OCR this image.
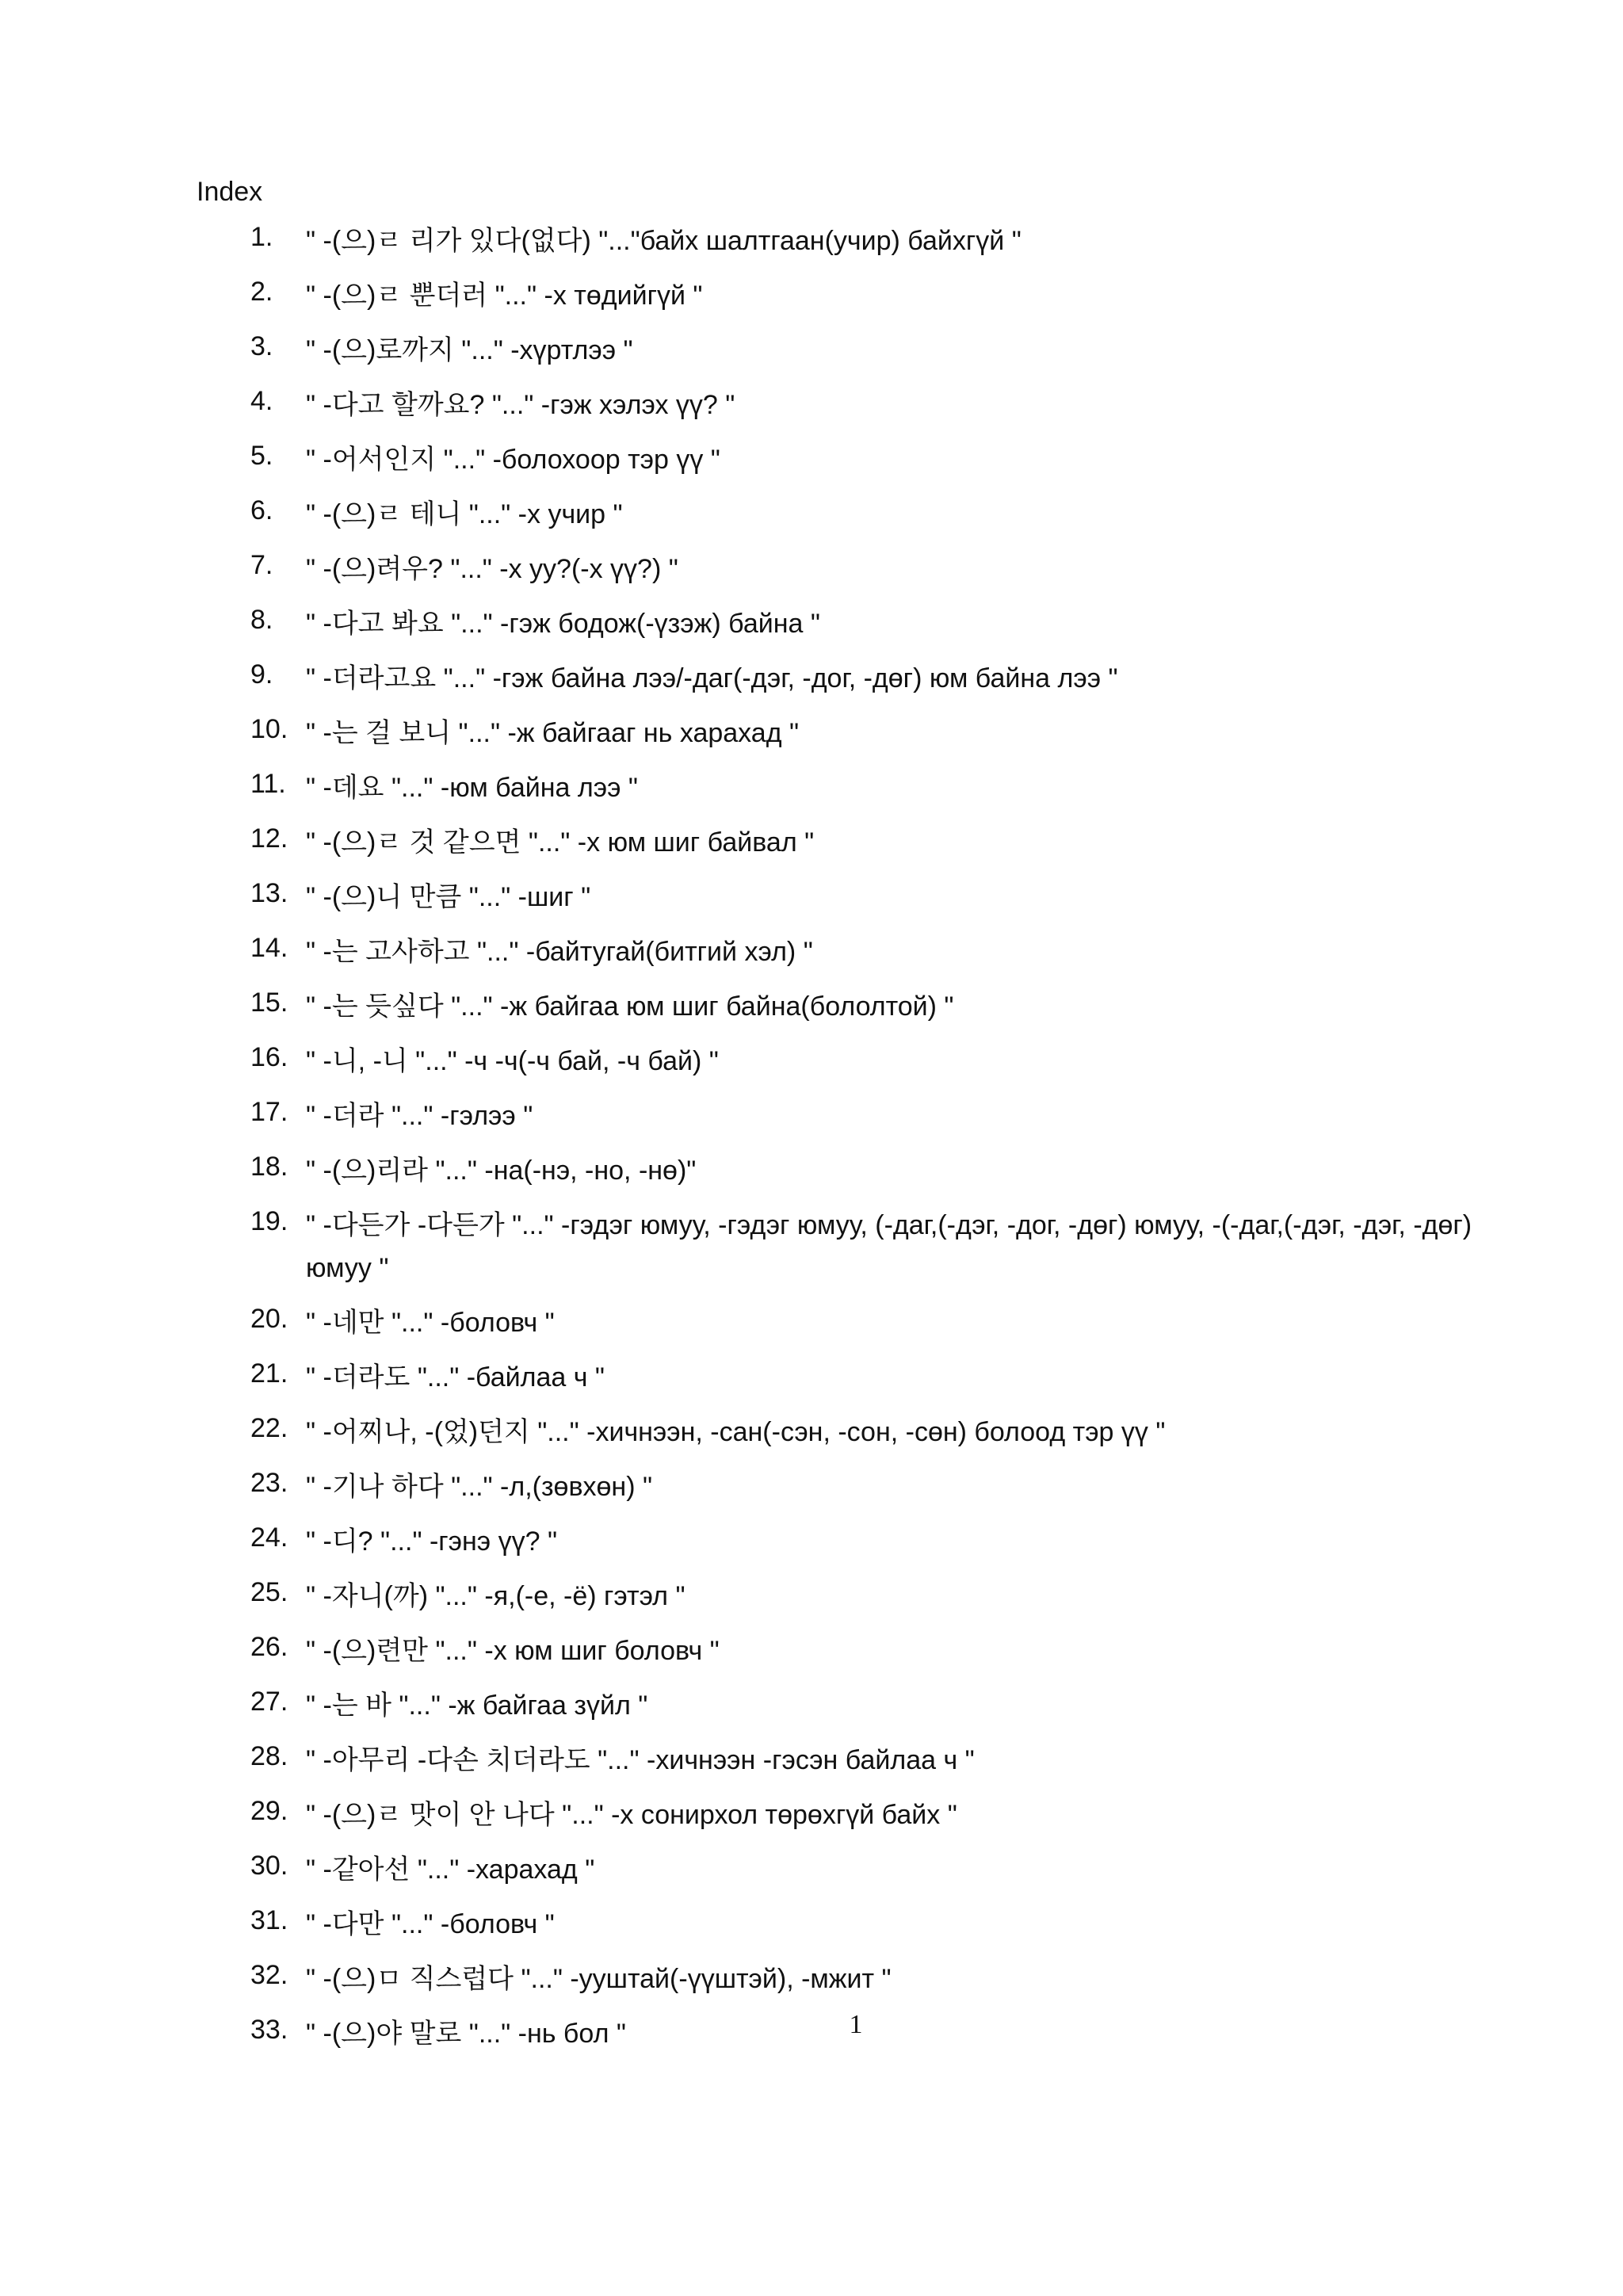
Index
1.	" -(으)ㄹ 리가 있다(없다) "..."байх шалтгаан(учир) байхгүй "
2.	" -(으)ㄹ 뿐더러 "..." -х төдийгүй "
3.	" -(으)로까지 "..." -хүртлээ "
4.	" -다고 할까요? "..." -гэж хэлэх үү? "
5.	" -어서인지 "..." -болохоор тэр үү "
6.	" -(으)ㄹ 테니 "..." -х учир "
7.	" -(으)려우? "..." -х уу?(-х үү?) "
8.	" -다고 봐요 "..." -гэж бодож(-үзэж) байна "
9.	" -더라고요 "..." -гэж байна лээ/-даг(-дэг, -дог, -дөг) юм байна лээ "
10. " -는 걸 보니 "..." -ж байгааг нь харахад "
11. " -데요 "..." -юм байна лээ "
12. " -(으)ㄹ 것 같으면 "..." -х юм шиг байвал "
13. " -(으)니 만큼 "..." -шиг "
14. " -는 고사하고 "..." -байтугай(битгий хэл) "
15. " -는 듯싶다 "..." -ж байгаа юм шиг байна(бололтой) "
16. " -니, -니 "..." -ч -ч(-ч бай, -ч бай) "
17. " -더라 "..." -гэлээ "
18. " -(으)리라 "..." -на(-нэ, -но, -нө)"
19. " -다든가 -다든가 "..." -гэдэг юмуу, -гэдэг юмуу, (-даг,(-дэг, -дог, -дөг) юмуу, -(-даг,(-дэг, -дэг, -дөг) юмуу "
20. " -네만 "..." -боловч "
21. " -더라도 "..." -байлаа ч "
22. " -어찌나, -(었)던지 "..." -хичнээн, -сан(-сэн, -сон, -сөн) болоод тэр үү "
23. " -기나 하다 "..." -л,(зөвхөн) "
24. " -디? "..." -гэнэ үү? "
25. " -자니(까) "..." -я,(-е, -ё) гэтэл "
26. " -(으)련만 "..." -х юм шиг боловч "
27. " -는 바 "..." -ж байгаа зүйл "
28. " -아무리 -다손 치더라도 "..." -хичнээн -гэсэн байлаа ч "
29. " -(으)ㄹ 맛이 안 나다 "..." -х сонирхол төрөхгүй байх "
30. " -같아선 "..." -харахад "
31. " -다만 "..." -боловч "
32. " -(으)ㅁ 직스럽다 "..." -ууштай(-үүштэй), -мжит "
33. " -(으)야 말로 "..." -нь бол "	1
